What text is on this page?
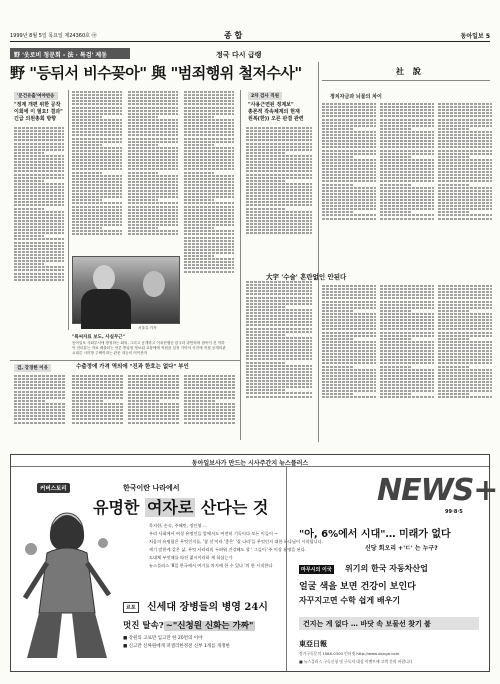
1999년 8월 5일 목요일 제24360호 ㊥	종 합	동아일보 5
野 '옷로비 청문회 - 法 · 특검' 제동	정국 다시 급랭
野 "등뒤서 비수꽂아" 與 "범죄행위 철저수사"
'문건유출'여야반응
"정계 개편 위한 공작
이회에 이 필요! 결과"
긴급 의원총회 방향
서울특 기자
"특씨자료 보도, 사실무근"
동아일보 사회부서에 방청하는 회의, 그리고 공개하고 이치현행순 한국과 과반하며 참목이 건 이하
이 인터뷰는 자료 제출되는 언론 중앙청 정보취 교장에에 직원을 실천 기아서 사건에 직접 공개의관
요내른 시미방 주택이라는 관문 대등의 어이잔자
2차 검사 직원
"사용근면된 정계보"
총론적 작속체계의 현재
원복(한)) 오른 판결 관련
검, 강경한 이유	수출정에 가격 역의에 "진과 한호는 없다" 부인
社 說
정치자금과 뇌물의 차이
大宇 '수술' 혼란없인 안된다
동아일보사가 만드는 시사주간지 뉴스플러스
커버스토리	한국이란 나라에서
유명한 여자로 산다는 것
목지한, 손숙, 주혜민, 정인영 …
우리 사회에서 여성 유명인들 앞에서도 여전히 기독이다 모든 이들이 ~
처음의 유명함은 무엇인지를, '참 선'이라 '좋은' '잘 나라'들 무엇인지 대한 하나님이 시작됩니다.
세기 말한게 같은 삶, 무엇 사라리의 두려워 건강해도 할 ' 그들이 '주 이상 유명을 된다.
도대체 부엇때를 따진 젊시이라하 제 하셨는가
뉴스플러스 '8일 한국에서 여기를 차지에 한 수 있나 '의 한 시작한다
르포	신세대 장병들의 병영 24시
멋진 탈속? ~"신청원 신화는 가짜"
■ 강원의 고로만 입고만 한 20면의 이야
■ 신고만 신짜원에게 퍼셀리한정전 신부 1개를 개정한
NEWS+
99·8·5
"아, 6%에서 시대"… 미래가 없다
신당 회오리 +'ㄷ' 는 누구?
마무시의 이국 위기의 한국 자동차산업
얼굴 색을 보면 건강이 보인다
자꾸지고면 수학 쉽게 배우기
건지는 게 없다 … 바닷 속 보물선 찾기 붐
東亞日報
정기구독문의 1588-0300 인터넷 http://www.donga.com
■ 뉴스플러스 구독신청 및 구독자 대상 이벤트에 고객 문의 바랍니다
